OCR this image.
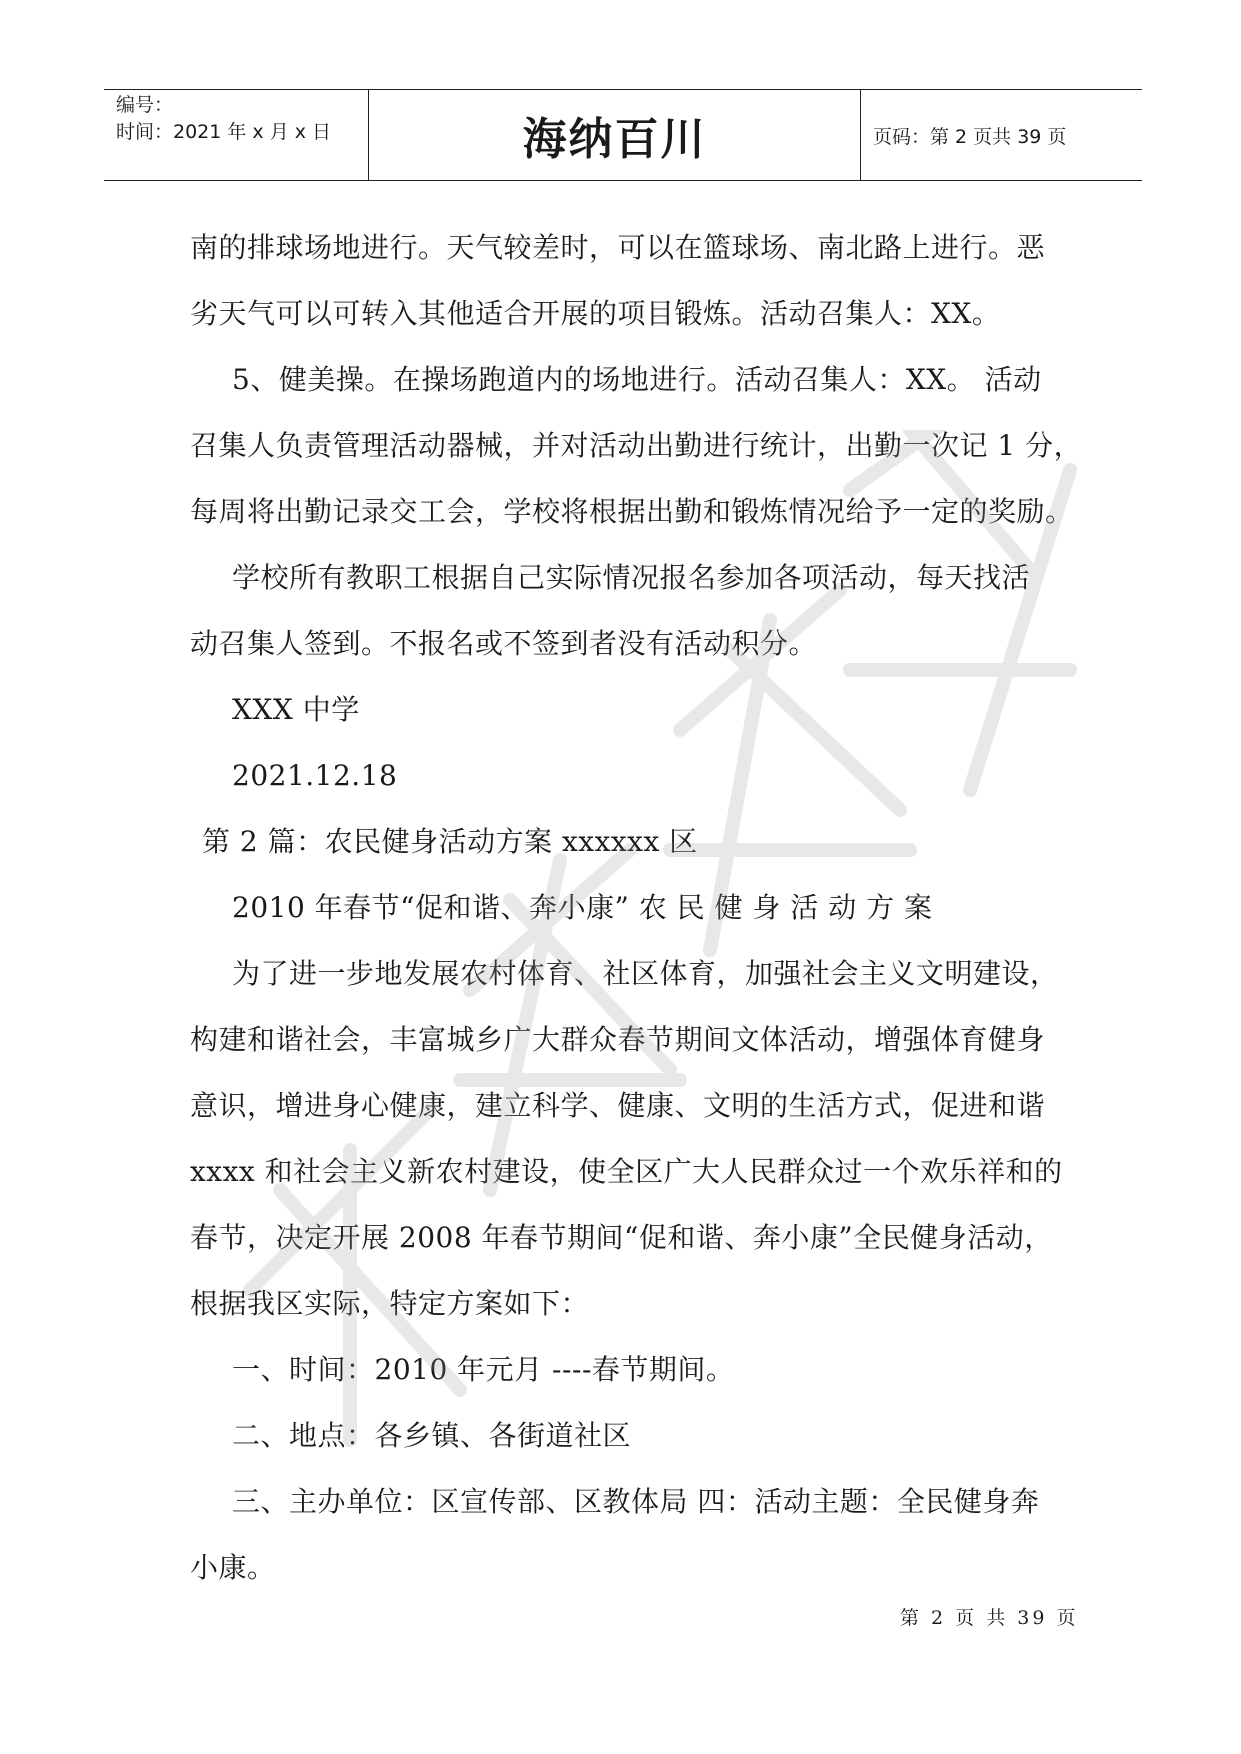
编号：
时间：2021 年 x 月 x 日	海纳百川	页码：第 2 页共 39 页
南的排球场地进行。天气较差时，可以在篮球场、南北路上进行。恶
劣天气可以可转入其他适合开展的项目锻炼。活动召集人：XX。
5、健美操。在操场跑道内的场地进行。活动召集人：XX。 活动
召集人负责管理活动器械，并对活动出勤进行统计，出勤一次记 1 分，
每周将出勤记录交工会，学校将根据出勤和锻炼情况给予一定的奖励。
学校所有教职工根据自己实际情况报名参加各项活动，每天找活
动召集人签到。不报名或不签到者没有活动积分。
XXX 中学
2021.12.18
第 2 篇：农民健身活动方案 xxxxxx 区
2010 年春节“促和谐、奔小康” 农 民 健 身 活 动 方 案
为了进一步地发展农村体育、社区体育，加强社会主义文明建设，
构建和谐社会，丰富城乡广大群众春节期间文体活动，增强体育健身
意识，增进身心健康，建立科学、健康、文明的生活方式，促进和谐
xxxx 和社会主义新农村建设，使全区广大人民群众过一个欢乐祥和的
春节，决定开展 2008 年春节期间“促和谐、奔小康”全民健身活动，
根据我区实际，特定方案如下：
一、时间：2010 年元月 ----春节期间。
二、地点：各乡镇、各街道社区
三、主办单位：区宣传部、区教体局 四：活动主题：全民健身奔
小康。
第 2 页 共 39 页
